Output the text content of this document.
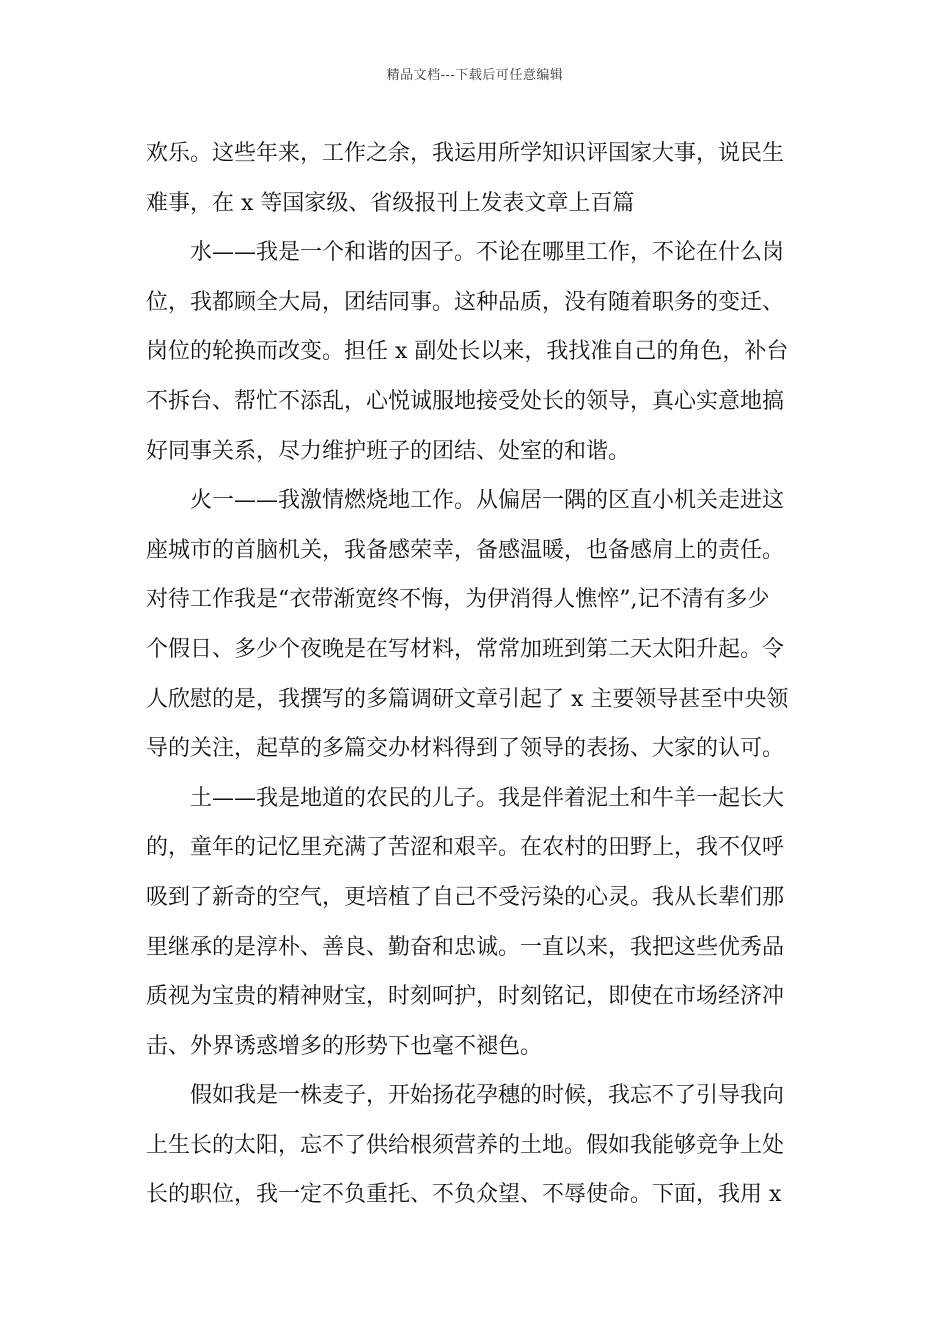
精品文档---下载后可任意编辑
欢乐。这些年来，工作之余，我运用所学知识评国家大事，说民生
难事，在 x 等国家级、省级报刊上发表文章上百篇
水——我是一个和谐的因子。不论在哪里工作，不论在什么岗
位，我都顾全大局，团结同事。这种品质，没有随着职务的变迁、
岗位的轮换而改变。担任 x 副处长以来，我找准自己的角色，补台
不拆台、帮忙不添乱，心悦诚服地接受处长的领导，真心实意地搞
好同事关系，尽力维护班子的团结、处室的和谐。
火一——我激情燃烧地工作。从偏居一隅的区直小机关走进这
座城市的首脑机关，我备感荣幸，备感温暖，也备感肩上的责任。
对待工作我是“衣带渐宽终不悔，为伊消得人憔悴”,记不清有多少
个假日、多少个夜晚是在写材料，常常加班到第二天太阳升起。令
人欣慰的是，我撰写的多篇调研文章引起了 x 主要领导甚至中央领
导的关注，起草的多篇交办材料得到了领导的表扬、大家的认可。
土——我是地道的农民的儿子。我是伴着泥土和牛羊一起长大
的，童年的记忆里充满了苦涩和艰辛。在农村的田野上，我不仅呼
吸到了新奇的空气，更培植了自己不受污染的心灵。我从长辈们那
里继承的是淳朴、善良、勤奋和忠诚。一直以来，我把这些优秀品
质视为宝贵的精神财宝，时刻呵护，时刻铭记，即使在市场经济冲
击、外界诱惑增多的形势下也毫不褪色。
假如我是一株麦子，开始扬花孕穗的时候，我忘不了引导我向
上生长的太阳，忘不了供给根须营养的土地。假如我能够竞争上处
长的职位，我一定不负重托、不负众望、不辱使命。下面，我用 x
